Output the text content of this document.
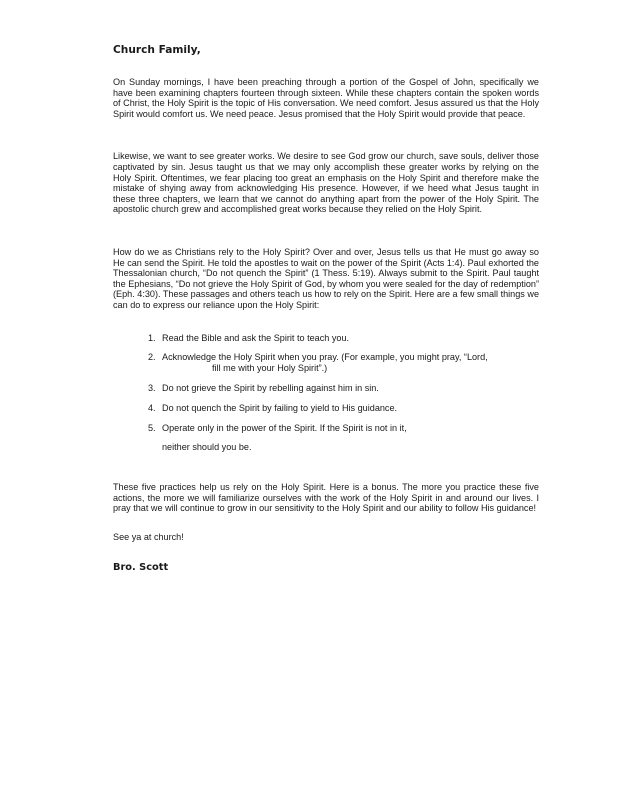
Church Family,

On Sunday mornings, I have been preaching through a portion of the Gospel of John, specifically we have been examining chapters fourteen through sixteen. While these chapters contain the spoken words of Christ, the Holy Spirit is the topic of His conversation. We need comfort. Jesus assured us that the Holy Spirit would comfort us. We need peace. Jesus promised that the Holy Spirit would provide that peace.

Likewise, we want to see greater works. We desire to see God grow our church, save souls, deliver those captivated by sin. Jesus taught us that we may only accomplish these greater works by relying on the Holy Spirit. Oftentimes, we fear placing too great an emphasis on the Holy Spirit and therefore make the mistake of shying away from acknowledging His presence. However, if we heed what Jesus taught in these three chapters, we learn that we cannot do anything apart from the power of the Holy Spirit. The apostolic church grew and accomplished great works because they relied on the Holy Spirit.

How do we as Christians rely to the Holy Spirit? Over and over, Jesus tells us that He must go away so He can send the Spirit. He told the apostles to wait on the power of the Spirit (Acts 1:4). Paul exhorted the Thessalonian church, “Do not quench the Spirit” (1 Thess. 5:19). Always submit to the Spirit. Paul taught the Ephesians, “Do not grieve the Holy Spirit of God, by whom you were sealed for the day of redemption” (Eph. 4:30). These passages and others teach us how to rely on the Spirit. Here are a few small things we can do to express our reliance upon the Holy Spirit:

1. Read the Bible and ask the Spirit to teach you.
2. Acknowledge the Holy Spirit when you pray. (For example, you might pray, “Lord,
fill me with your Holy Spirit”.)
3. Do not grieve the Spirit by rebelling against him in sin.
4. Do not quench the Spirit by failing to yield to His guidance.
5. Operate only in the power of the Spirit. If the Spirit is not in it,
neither should you be.

These five practices help us rely on the Holy Spirit. Here is a bonus. The more you practice these five actions, the more we will familiarize ourselves with the work of the Holy Spirit in and around our lives. I pray that we will continue to grow in our sensitivity to the Holy Spirit and our ability to follow His guidance!

See ya at church!

Bro. Scott
